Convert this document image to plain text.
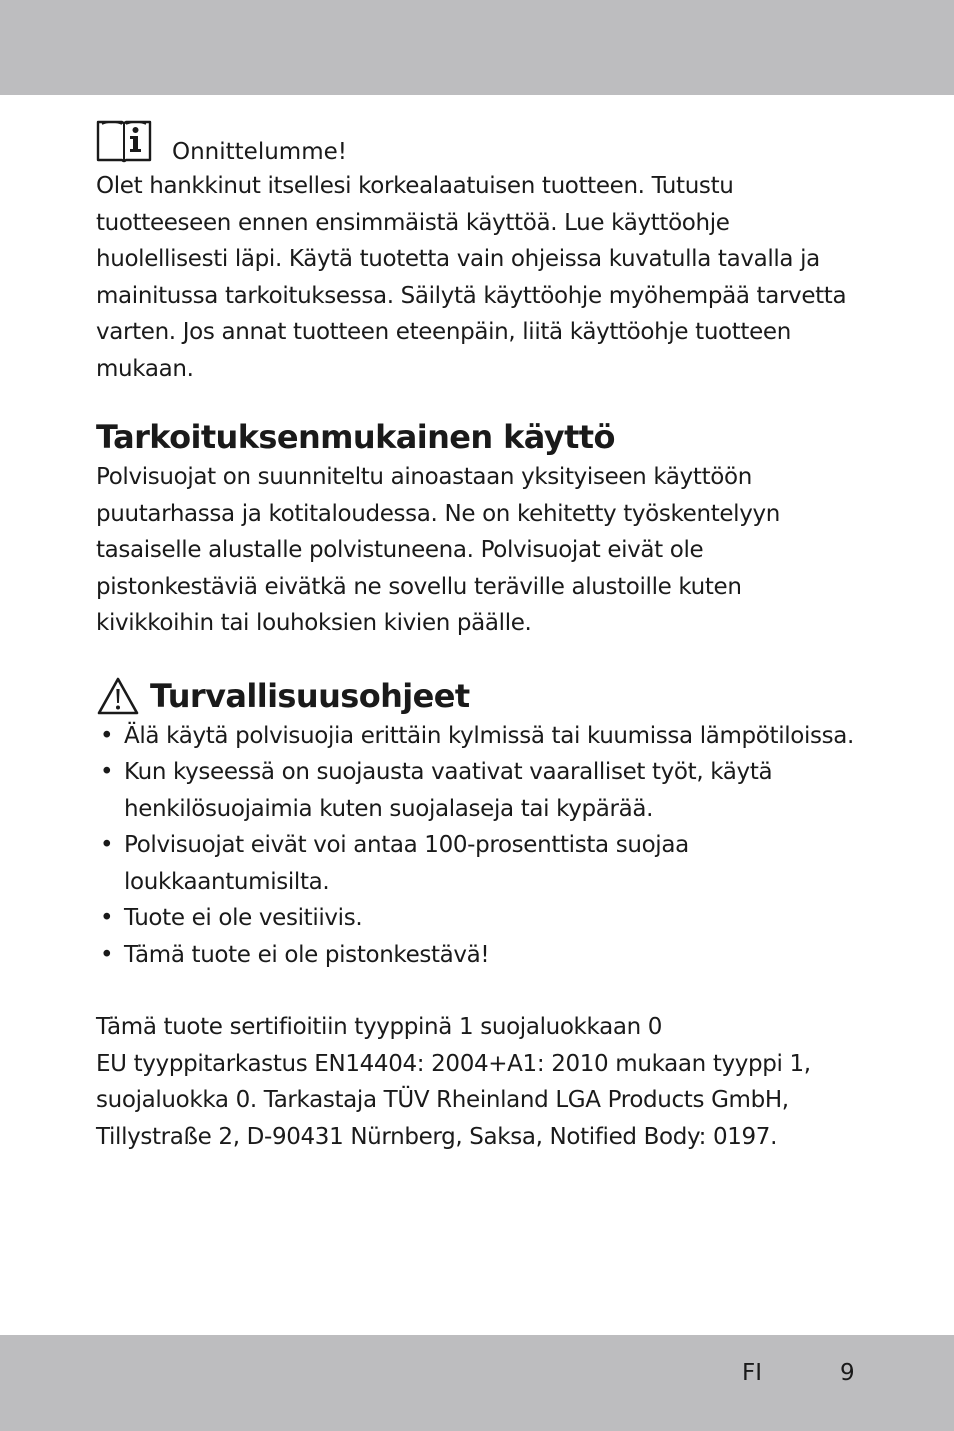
Onnittelumme!

Olet hankkinut itsellesi korkealaatuisen tuotteen. Tutustu tuotteeseen ennen ensimmäistä käyttöä. Lue käyttöohje huolellisesti läpi. Käytä tuotetta vain ohjeissa kuvatulla tavalla ja mainitussa tarkoituksessa. Säilytä käyttöohje myöhempää tarvetta varten. Jos annat tuotteen eteenpäin, liitä käyttöohje tuotteen mukaan.

Tarkoituksenmukainen käyttö

Polvisuojat on suunniteltu ainoastaan yksityiseen käyttöön puutarhassa ja kotitaloudessa. Ne on kehitetty työskentelyyn tasaiselle alustalle polvistuneena. Polvisuojat eivät ole pistonkestäviä eivätkä ne sovellu teräville alustoille kuten kivikkoihin tai louhoksien kivien päälle.

Turvallisuusohjeet
• Älä käytä polvisuojia erittäin kylmissä tai kuumissa lämpötiloissa.
• Kun kyseessä on suojausta vaativat vaaralliset työt, käytä henkilösuojaimia kuten suojalaseja tai kypärää.
• Polvisuojat eivät voi antaa 100-prosenttista suojaa loukkaantumisilta.
• Tuote ei ole vesitiivis.
• Tämä tuote ei ole pistonkestävä!

Tämä tuote sertifioitiin tyyppinä 1 suojaluokkaan 0

EU tyyppitarkastus EN14404: 2004+A1: 2010 mukaan tyyppi 1, suojaluokka 0. Tarkastaja TÜV Rheinland LGA Products GmbH, Tillystraße 2, D-90431 Nürnberg, Saksa, Notified Body: 0197.

FI	9
